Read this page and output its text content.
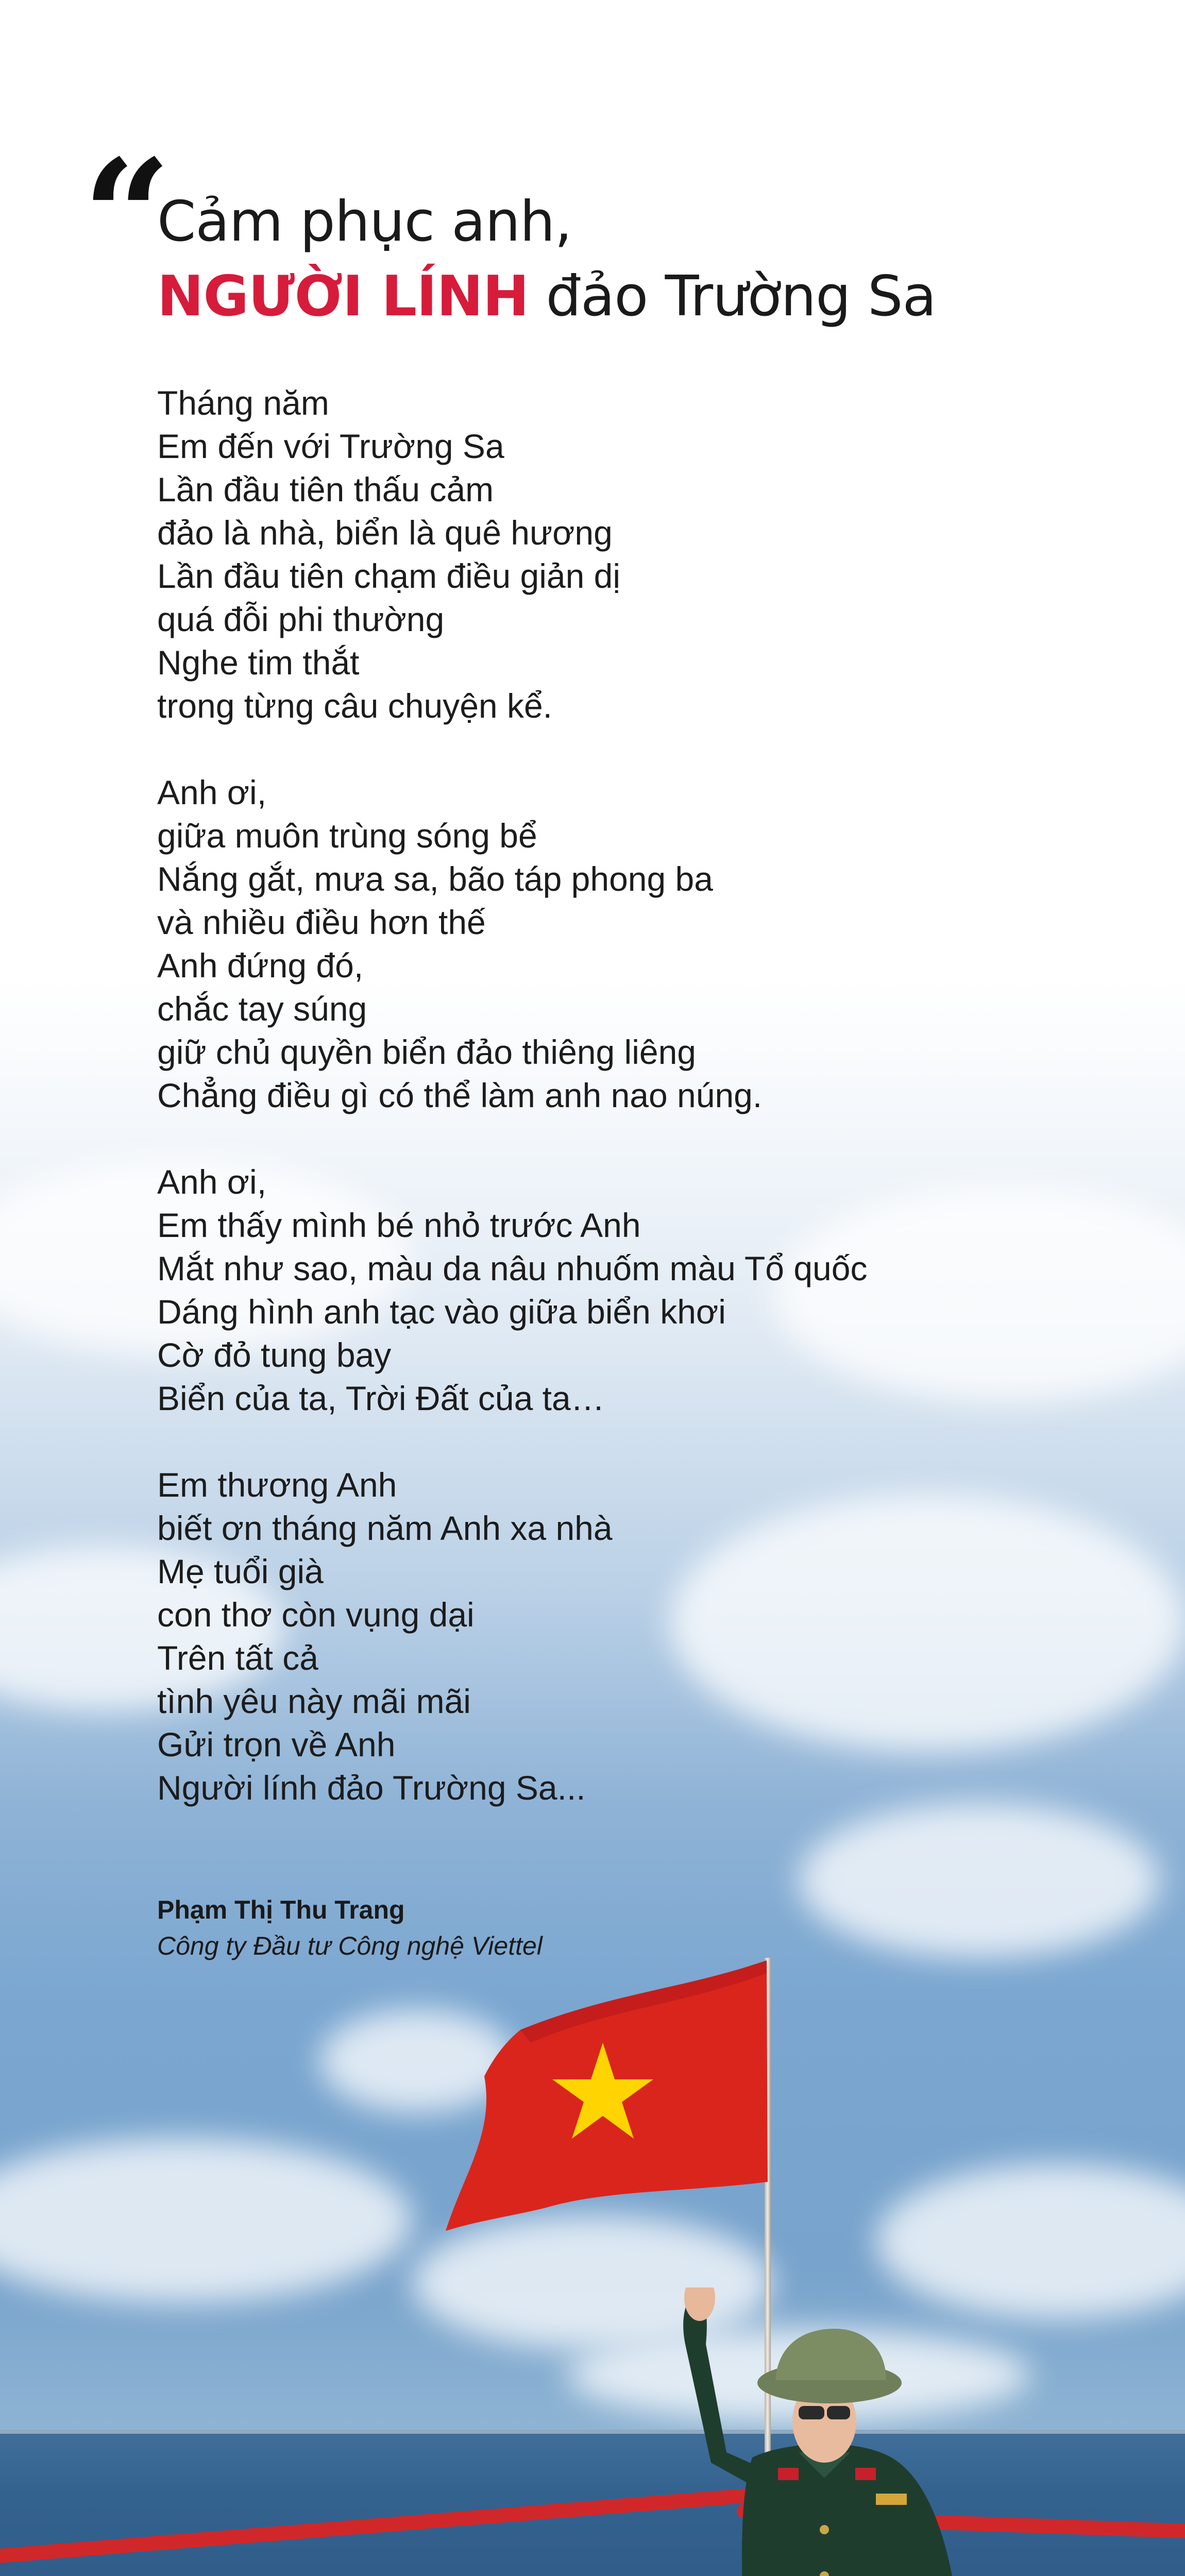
“
Cảm phục anh,
NGƯỜI LÍNH đảo Trường Sa
Tháng năm
Em đến với Trường Sa
Lần đầu tiên thấu cảm
đảo là nhà, biển là quê hương
Lần đầu tiên chạm điều giản dị
quá đỗi phi thường
Nghe tim thắt
trong từng câu chuyện kể.
Anh ơi,
giữa muôn trùng sóng bể
Nắng gắt, mưa sa, bão táp phong ba
và nhiều điều hơn thế
Anh đứng đó,
chắc tay súng
giữ chủ quyền biển đảo thiêng liêng
Chẳng điều gì có thể làm anh nao núng.
Anh ơi,
Em thấy mình bé nhỏ trước Anh
Mắt như sao, màu da nâu nhuốm màu Tổ quốc
Dáng hình anh tạc vào giữa biển khơi
Cờ đỏ tung bay
Biển của ta, Trời Đất của ta…
Em thương Anh
biết ơn tháng năm Anh xa nhà
Mẹ tuổi già
con thơ còn vụng dại
Trên tất cả
tình yêu này mãi mãi
Gửi trọn về Anh
Người lính đảo Trường Sa...
Phạm Thị Thu Trang
Công ty Đầu tư Công nghệ Viettel
